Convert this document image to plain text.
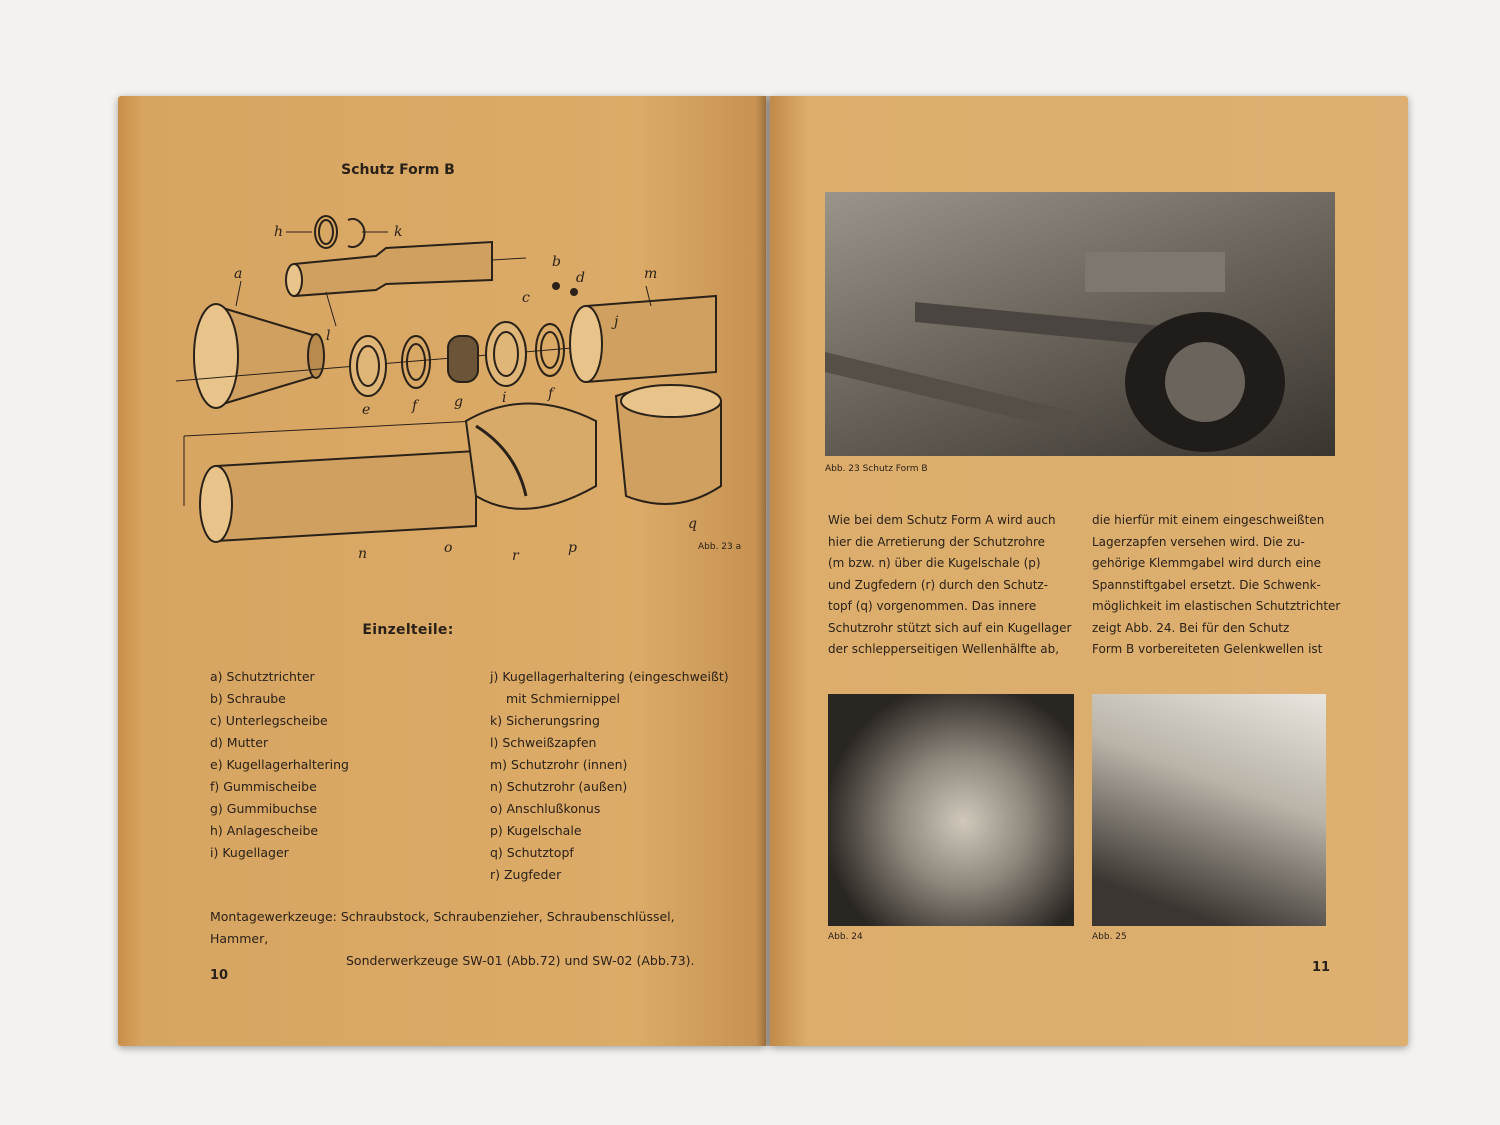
Schutz Form B
h	k
a
b
c
d	m
l
j
e	f	g	i	f
n	o	r	p
q
Abb. 23 a
Einzelteile:
a) Schutztrichter
b) Schraube
c) Unterlegscheibe
d) Mutter
e) Kugellagerhaltering
f) Gummischeibe
g) Gummibuchse
h) Anlagescheibe
i) Kugellager
j) Kugellagerhaltering (eingeschweißt)
mit Schmiernippel
k) Sicherungsring
l) Schweißzapfen
m) Schutzrohr (innen)
n) Schutzrohr (außen)
o) Anschlußkonus
p) Kugelschale
q) Schutztopf
r) Zugfeder
Montagewerkzeuge: Schraubstock, Schraubenzieher, Schraubenschlüssel, Hammer,
Sonderwerkzeuge SW-01 (Abb.72) und SW-02 (Abb.73).
10
Abb. 23 Schutz Form B
Wie bei dem Schutz Form A wird auch
hier die Arretierung der Schutzrohre
(m bzw. n) über die Kugelschale (p)
und Zugfedern (r) durch den Schutz-
topf (q) vorgenommen. Das innere
Schutzrohr stützt sich auf ein Kugellager
der schlepperseitigen Wellenhälfte ab,
die hierfür mit einem eingeschweißten
Lagerzapfen versehen wird. Die zu-
gehörige Klemmgabel wird durch eine
Spannstiftgabel ersetzt. Die Schwenk-
möglichkeit im elastischen Schutztrichter
zeigt Abb. 24. Bei für den Schutz
Form B vorbereiteten Gelenkwellen ist
Abb. 24	Abb. 25
11
